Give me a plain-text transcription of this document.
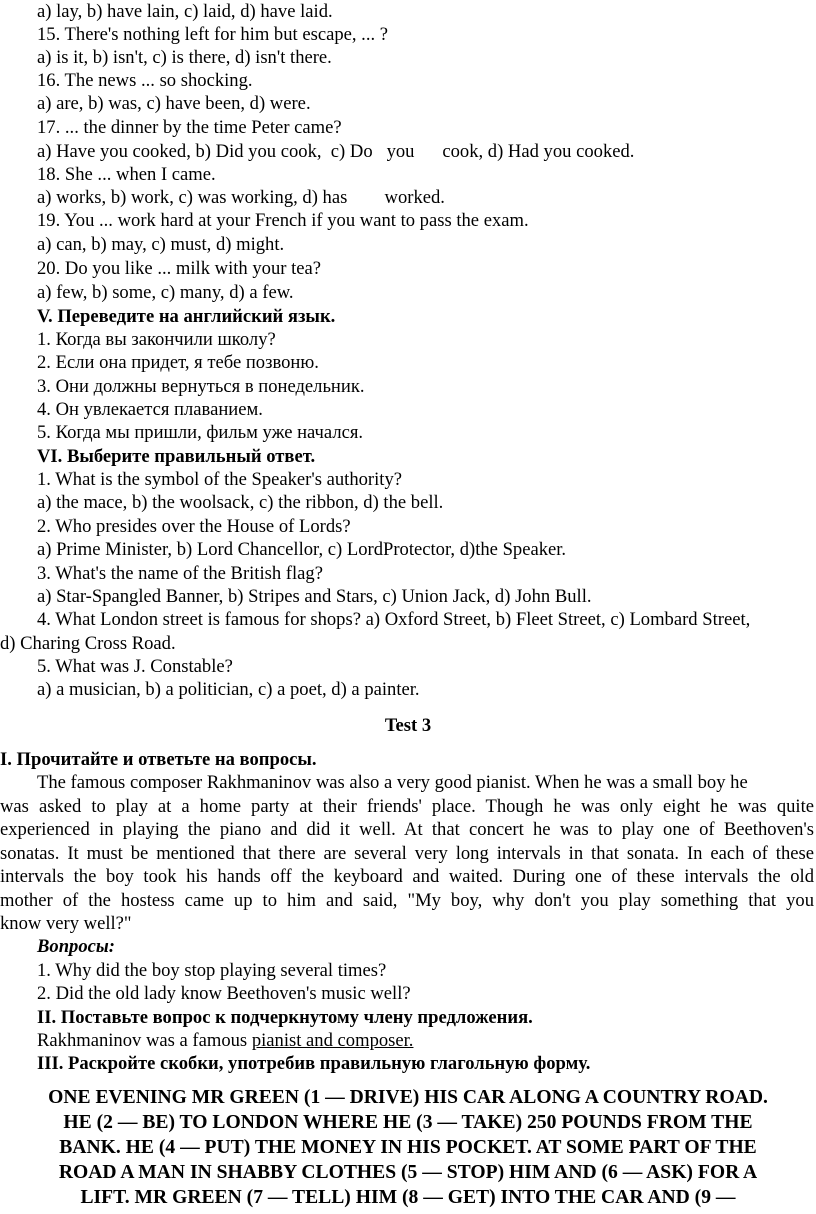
a) lay, b) have lain, c) laid, d) have laid.
15. There's nothing left for him but escape, ... ?
a) is it, b) isn't, c) is there, d) isn't there.
16. The news ... so shocking.
a) are, b) was, c) have been, d) were.
17. ... the dinner by the time Peter came?
a) Have you cooked, b) Did you cook,  c) Do   you      cook, d) Had you cooked.
18. She ... when I came.
a) works, b) work, c) was working, d) has        worked.
19. You ... work hard at your French if you want to pass the exam.
a) can, b) may, c) must, d) might.
20. Do you like ... milk with your tea?
a) few, b) some, c) many, d) a few.
V. Переведите на английский язык.
1. Когда вы закончили школу?
2. Если она придет, я тебе позвоню.
3. Они должны вернуться в понедельник.
4. Он увлекается плаванием.
5. Когда мы пришли, фильм уже начался.
VI. Выберите правильный ответ.
1. What is the symbol of the Speaker's authority?
a) the mace, b) the woolsack, c) the ribbon, d) the bell.
2. Who presides over the House of Lords?
a) Prime Minister, b) Lord Chancellor, c) LordProtector, d)the Speaker.
3. What's the name of the British flag?
a) Star-Spangled Banner, b) Stripes and Stars, c) Union Jack, d) John Bull.
4. What London street is famous for shops? a) Oxford Street, b) Fleet Street, c) Lombard Street,
d) Charing Cross Road.
5. What was J. Constable?
a) a musician, b) a politician, c) a poet, d) a painter.
Test 3
I. Прочитайте и ответьте на вопросы.
The famous composer Rakhmaninov was also a very good pianist. When he was a small boy he
was asked to play at a home party at their friends' place. Though he was only eight he was quite
experienced in playing the piano and did it well. At that concert he was to play one of Beethoven's
sonatas. It must be mentioned that there are several very long intervals in that sonata. In each of these
intervals the boy took his hands off the keyboard and waited. During one of these intervals the old
mother of the hostess came up to him and said, "My boy, why don't you play something that you
know very well?"
Вопросы:
1. Why did the boy stop playing several times?
2. Did the old lady know Beethoven's music well?
II. Поставьте вопрос к подчеркнутому члену предложения.
Rakhmaninov was a famous pianist and composer.
III. Раскройте скобки, употребив правильную глагольную форму.
ONE EVENING MR GREEN (1 — DRIVE) HIS CAR ALONG A COUNTRY ROAD.
HE (2 — BE) TO LONDON WHERE HE (3 — TAKE) 250 POUNDS FROM THE
BANK. HE (4 — PUT) THE MONEY IN HIS POCKET. AT SOME PART OF THE
ROAD A MAN IN SHABBY CLOTHES (5 — STOP) HIM AND (6 — ASK) FOR A
LIFT. MR GREEN (7 — TELL) HIM (8 — GET) INTO THE CAR AND (9 —
